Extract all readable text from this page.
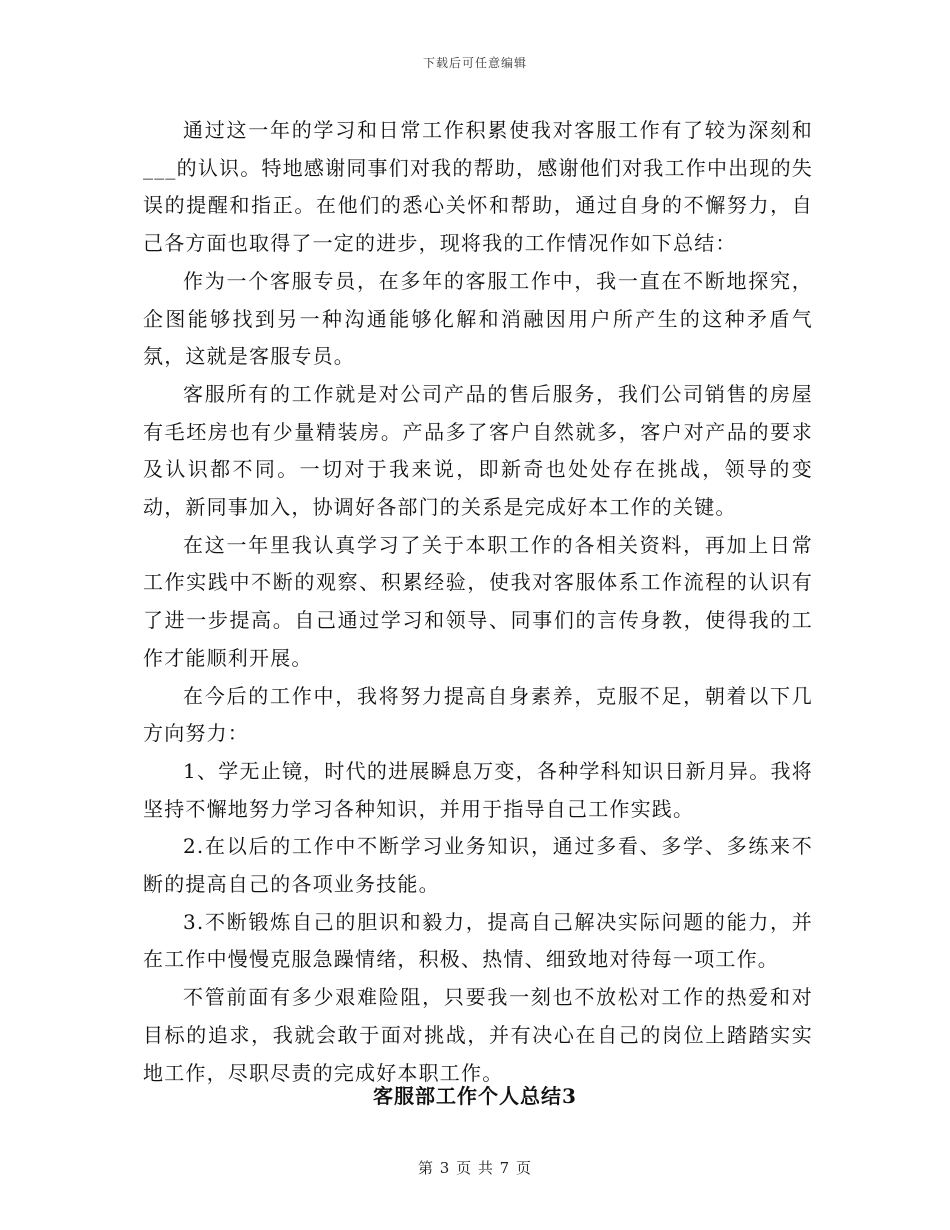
下载后可任意编辑

通过这一年的学习和日常工作积累使我对客服工作有了较为深刻和___的认识。特地感谢同事们对我的帮助，感谢他们对我工作中出现的失误的提醒和指正。在他们的悉心关怀和帮助，通过自身的不懈努力，自己各方面也取得了一定的进步，现将我的工作情况作如下总结：

作为一个客服专员，在多年的客服工作中，我一直在不断地探究，企图能够找到另一种沟通能够化解和消融因用户所产生的这种矛盾气氛，这就是客服专员。

客服所有的工作就是对公司产品的售后服务，我们公司销售的房屋有毛坯房也有少量精装房。产品多了客户自然就多，客户对产品的要求及认识都不同。一切对于我来说，即新奇也处处存在挑战，领导的变动，新同事加入，协调好各部门的关系是完成好本工作的关键。

在这一年里我认真学习了关于本职工作的各相关资料，再加上日常工作实践中不断的观察、积累经验，使我对客服体系工作流程的认识有了进一步提高。自己通过学习和领导、同事们的言传身教，使得我的工作才能顺利开展。

在今后的工作中，我将努力提高自身素养，克服不足，朝着以下几方向努力：

1、学无止镜，时代的进展瞬息万变，各种学科知识日新月异。我将坚持不懈地努力学习各种知识，并用于指导自己工作实践。

2.在以后的工作中不断学习业务知识，通过多看、多学、多练来不断的提高自己的各项业务技能。

3.不断锻炼自己的胆识和毅力，提高自己解决实际问题的能力，并在工作中慢慢克服急躁情绪，积极、热情、细致地对待每一项工作。

不管前面有多少艰难险阻，只要我一刻也不放松对工作的热爱和对目标的追求，我就会敢于面对挑战，并有决心在自己的岗位上踏踏实实地工作，尽职尽责的完成好本职工作。

客服部工作个人总结3
第 3 页 共 7 页
